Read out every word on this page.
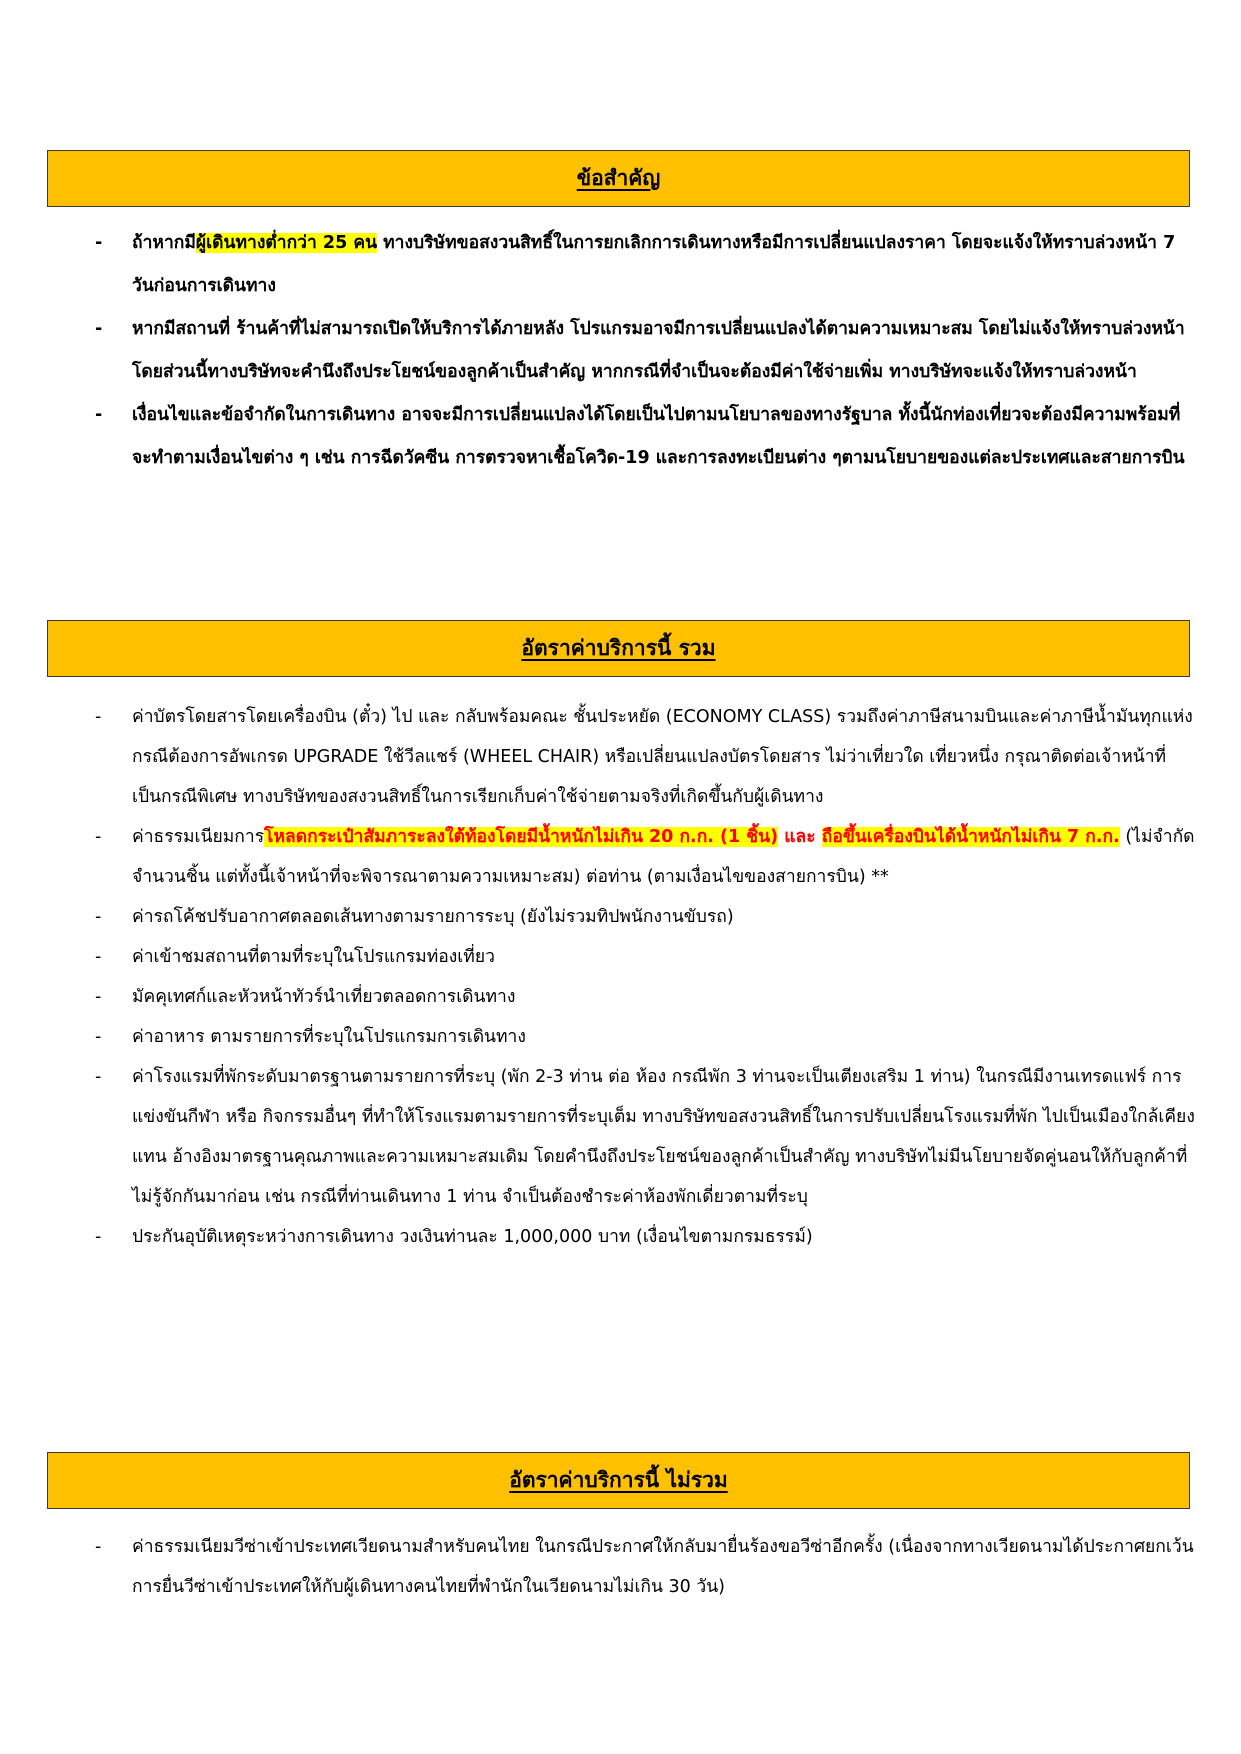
ข้อสำคัญ
- ถ้าหากมีผู้เดินทางต่ำกว่า 25 คน ทางบริษัทขอสงวนสิทธิ์ในการยกเลิกการเดินทางหรือมีการเปลี่ยนแปลงราคา โดยจะแจ้งให้ทราบล่วงหน้า 7 วันก่อนการเดินทาง
- หากมีสถานที่ ร้านค้าที่ไม่สามารถเปิดให้บริการได้ภายหลัง โปรแกรมอาจมีการเปลี่ยนแปลงได้ตามความเหมาะสม โดยไม่แจ้งให้ทราบล่วงหน้า โดยส่วนนี้ทางบริษัทจะคำนึงถึงประโยชน์ของลูกค้าเป็นสำคัญ หากกรณีที่จำเป็นจะต้องมีค่าใช้จ่ายเพิ่ม ทางบริษัทจะแจ้งให้ทราบล่วงหน้า
- เงื่อนไขและข้อจำกัดในการเดินทาง อาจจะมีการเปลี่ยนแปลงได้โดยเป็นไปตามนโยบาลของทางรัฐบาล ทั้งนี้นักท่องเที่ยวจะต้องมีความพร้อมที่จะทำตามเงื่อนไขต่าง ๆ เช่น การฉีดวัคซีน การตรวจหาเชื้อโควิด-19 และการลงทะเบียนต่าง ๆตามนโยบายของแต่ละประเทศและสายการบิน
อัตราค่าบริการนี้ รวม
- ค่าบัตรโดยสารโดยเครื่องบิน (ตั๋ว) ไป และ กลับพร้อมคณะ ชั้นประหยัด (ECONOMY CLASS) รวมถึงค่าภาษีสนามบินและค่าภาษีน้ำมันทุกแห่ง กรณีต้องการอัพเกรด UPGRADE ใช้วีลแชร์ (WHEEL CHAIR) หรือเปลี่ยนแปลงบัตรโดยสาร ไม่ว่าเที่ยวใด เที่ยวหนึ่ง กรุณาติดต่อเจ้าหน้าที่เป็นกรณีพิเศษ ทางบริษัทของสงวนสิทธิ์ในการเรียกเก็บค่าใช้จ่ายตามจริงที่เกิดขึ้นกับผู้เดินทาง
- ค่าธรรมเนียมการโหลดกระเป๋าสัมภาระลงใต้ท้องโดยมีน้ำหนักไม่เกิน 20 ก.ก. (1 ชิ้น) และ ถือขึ้นเครื่องบินได้น้ำหนักไม่เกิน 7 ก.ก. (ไม่จำกัดจำนวนชิ้น แต่ทั้งนี้เจ้าหน้าที่จะพิจารณาตามความเหมาะสม) ต่อท่าน (ตามเงื่อนไขของสายการบิน) **
- ค่ารถโค้ชปรับอากาศตลอดเส้นทางตามรายการระบุ (ยังไม่รวมทิปพนักงานขับรถ)
- ค่าเข้าชมสถานที่ตามที่ระบุในโปรแกรมท่องเที่ยว
- มัคคุเทศก์และหัวหน้าทัวร์นำเที่ยวตลอดการเดินทาง
- ค่าอาหาร ตามรายการที่ระบุในโปรแกรมการเดินทาง
- ค่าโรงแรมที่พักระดับมาตรฐานตามรายการที่ระบุ (พัก 2-3 ท่าน ต่อ ห้อง กรณีพัก 3 ท่านจะเป็นเตียงเสริม 1 ท่าน) ในกรณีมีงานเทรดแฟร์ การแข่งขันกีฬา หรือ กิจกรรมอื่นๆ ที่ทำให้โรงแรมตามรายการที่ระบุเต็ม ทางบริษัทขอสงวนสิทธิ์ในการปรับเปลี่ยนโรงแรมที่พัก ไปเป็นเมืองใกล้เคียงแทน อ้างอิงมาตรฐานคุณภาพและความเหมาะสมเดิม โดยคำนึงถึงประโยชน์ของลูกค้าเป็นสำคัญ ทางบริษัทไม่มีนโยบายจัดคู่นอนให้กับลูกค้าที่ไม่รู้จักกันมาก่อน เช่น กรณีที่ท่านเดินทาง 1 ท่าน จำเป็นต้องชำระค่าห้องพักเดี่ยวตามที่ระบุ
- ประกันอุบัติเหตุระหว่างการเดินทาง วงเงินท่านละ 1,000,000 บาท (เงื่อนไขตามกรมธรรม์)
อัตราค่าบริการนี้ ไม่รวม
- ค่าธรรมเนียมวีซ่าเข้าประเทศเวียดนามสำหรับคนไทย ในกรณีประกาศให้กลับมายื่นร้องขอวีซ่าอีกครั้ง (เนื่องจากทางเวียดนามได้ประกาศยกเว้นการยื่นวีซ่าเข้าประเทศให้กับผู้เดินทางคนไทยที่พำนักในเวียดนามไม่เกิน 30 วัน)
